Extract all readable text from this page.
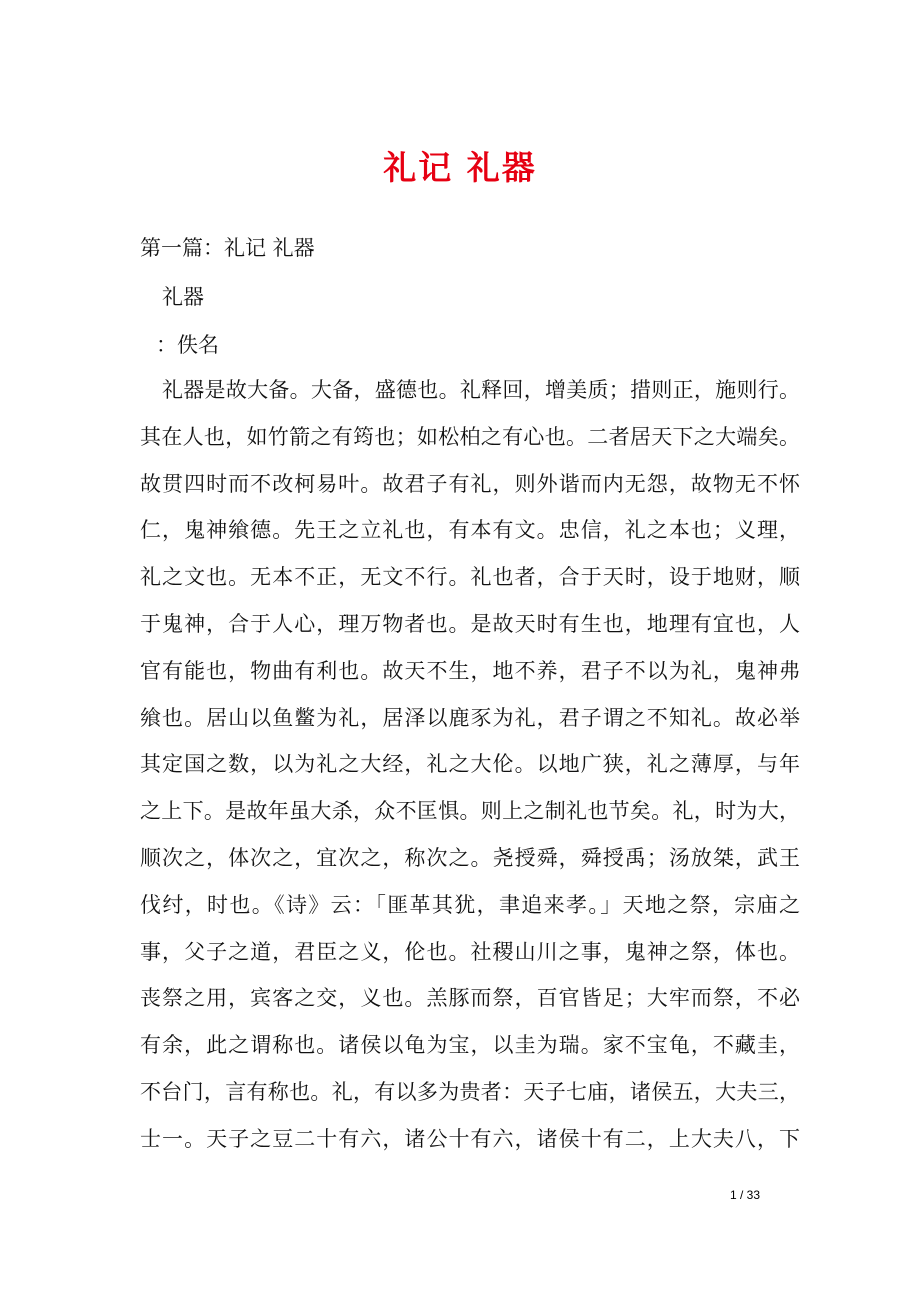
礼记 礼器

第一篇：礼记 礼器

礼器

：佚名

礼器是故大备。大备，盛德也。礼释回，增美质；措则正，施则行。
其在人也，如竹箭之有筠也；如松柏之有心也。二者居天下之大端矣。
故贯四时而不改柯易叶。故君子有礼，则外谐而内无怨，故物无不怀
仁，鬼神飨德。先王之立礼也，有本有文。忠信，礼之本也；义理，
礼之文也。无本不正，无文不行。礼也者，合于天时，设于地财，顺
于鬼神，合于人心，理万物者也。是故天时有生也，地理有宜也，人
官有能也，物曲有利也。故天不生，地不养，君子不以为礼，鬼神弗
飨也。居山以鱼鳖为礼，居泽以鹿豕为礼，君子谓之不知礼。故必举
其定国之数，以为礼之大经，礼之大伦。以地广狭，礼之薄厚，与年
之上下。是故年虽大杀，众不匡惧。则上之制礼也节矣。礼，时为大，
顺次之，体次之，宜次之，称次之。尧授舜，舜授禹；汤放桀，武王
伐纣，时也。《诗》云：「匪革其犹，聿追来孝。」天地之祭，宗庙之
事，父子之道，君臣之义，伦也。社稷山川之事，鬼神之祭，体也。
丧祭之用，宾客之交，义也。羔豚而祭，百官皆足；大牢而祭，不必
有余，此之谓称也。诸侯以龟为宝，以圭为瑞。家不宝龟，不藏圭，
不台门，言有称也。礼，有以多为贵者：天子七庙，诸侯五，大夫三，
士一。天子之豆二十有六，诸公十有六，诸侯十有二，上大夫八，下
1 / 33
